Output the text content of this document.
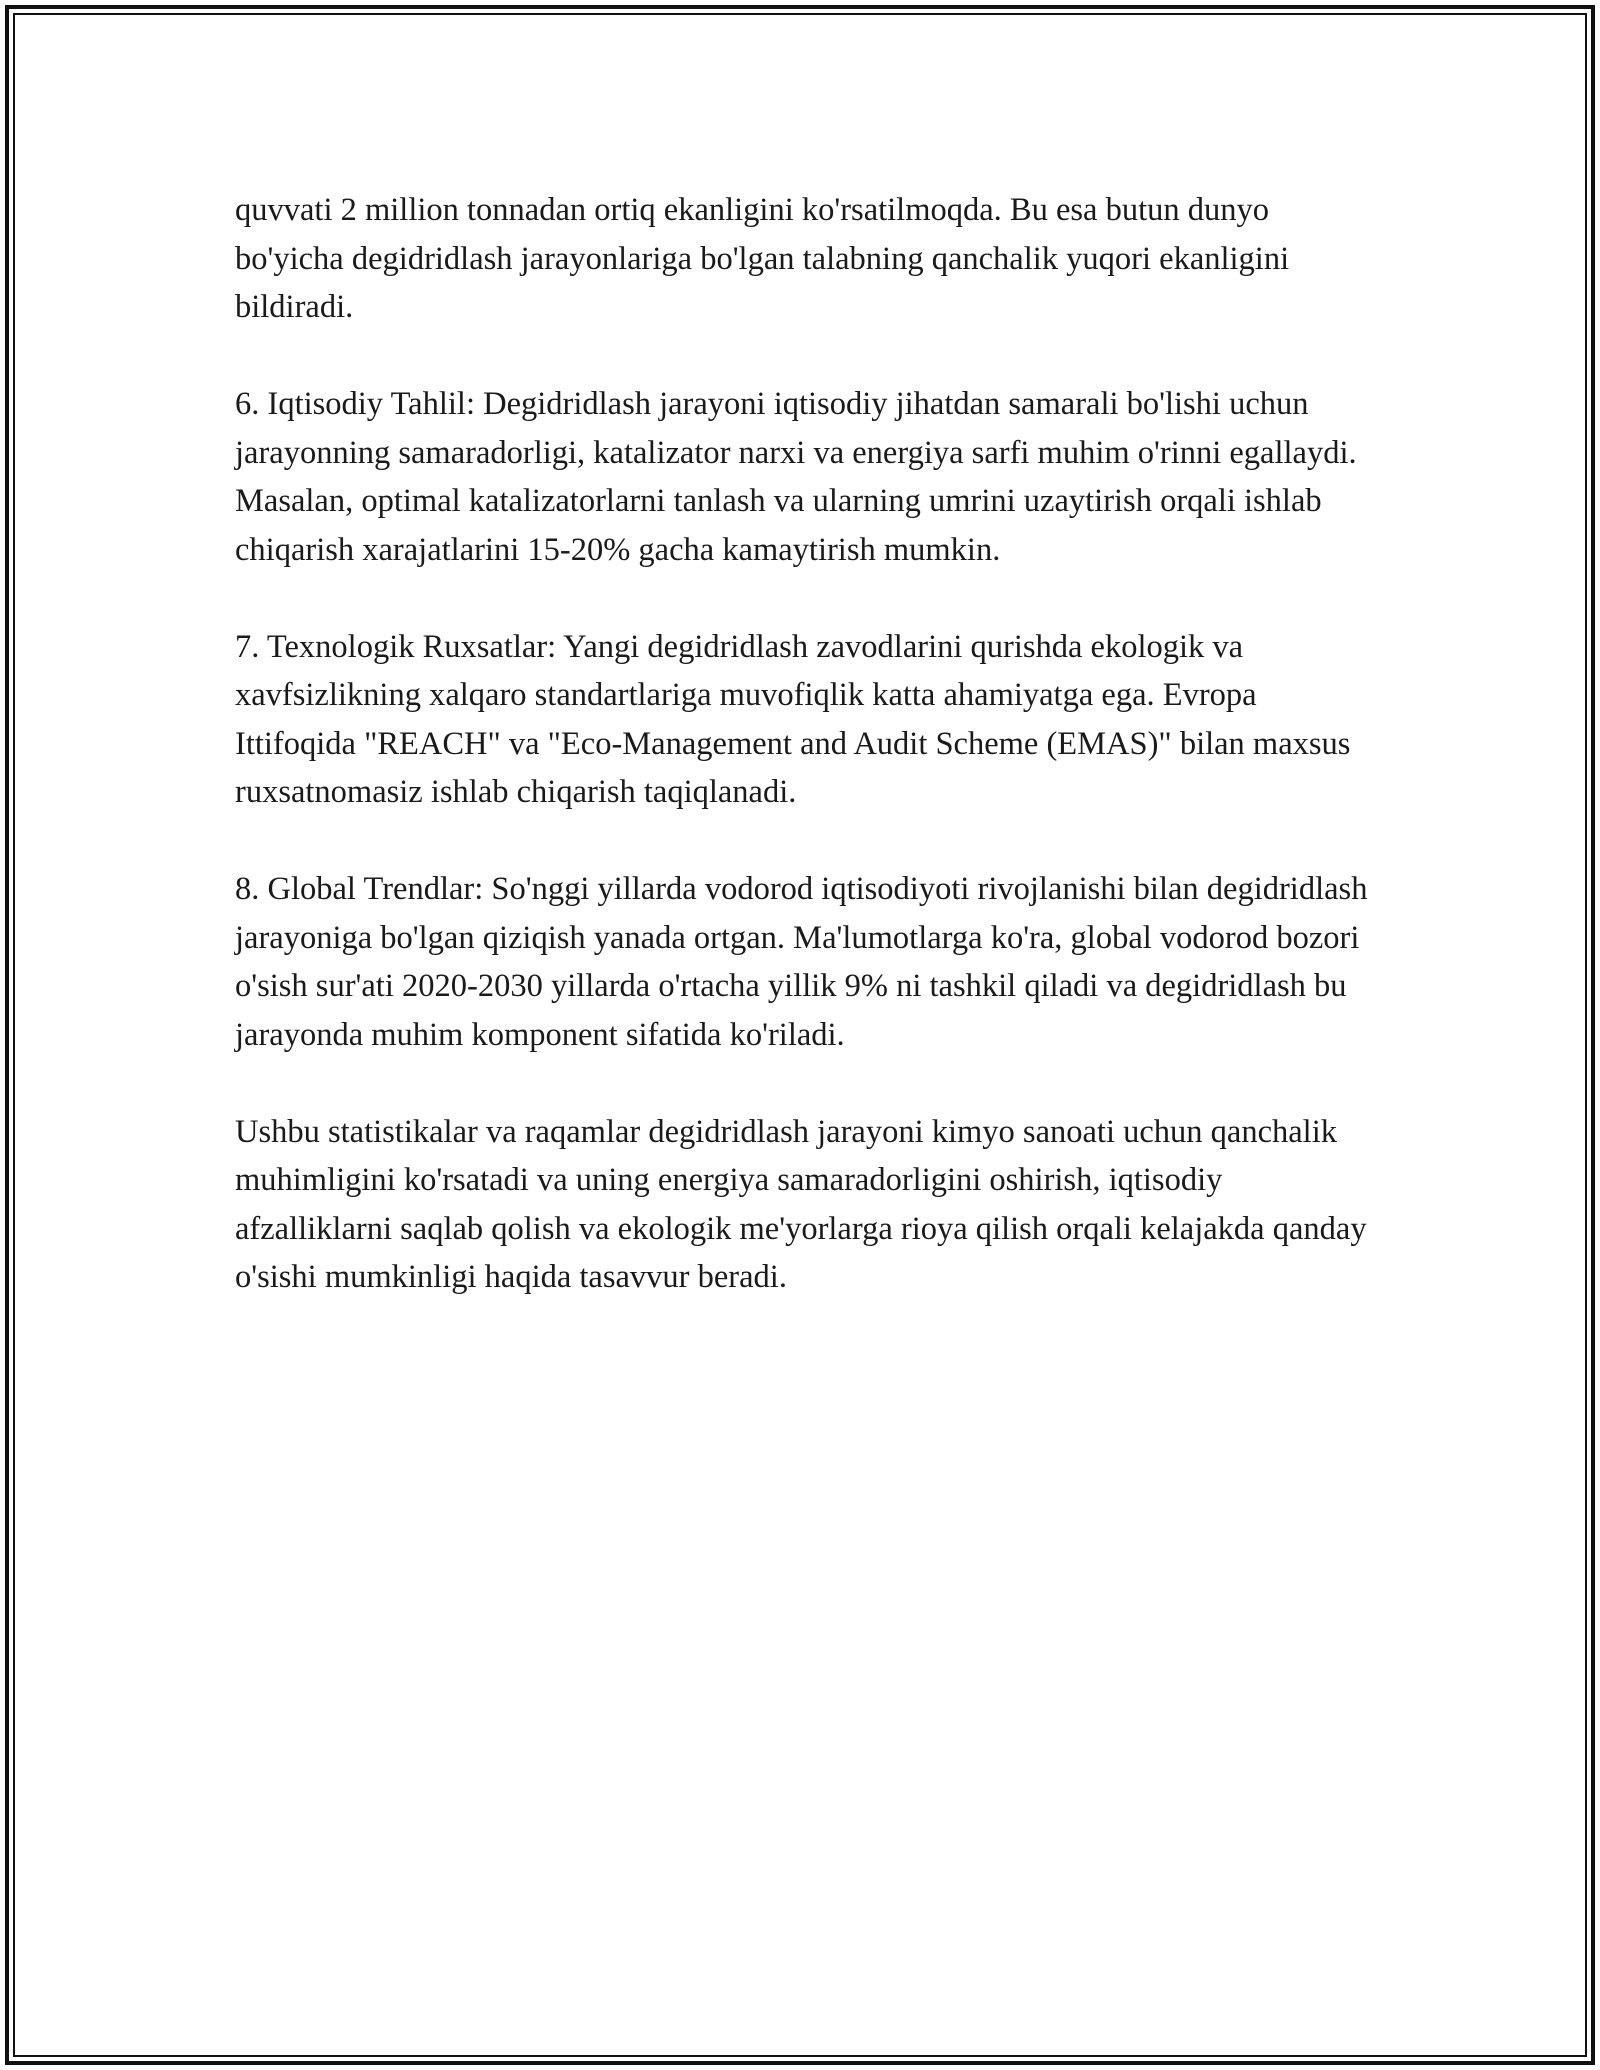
quvvati 2 million tonnadan ortiq ekanligini ko'rsatilmoqda. Bu esa butun dunyo bo'yicha degidridlash jarayonlariga bo'lgan talabning qanchalik yuqori ekanligini bildiradi.

6. Iqtisodiy Tahlil: Degidridlash jarayoni iqtisodiy jihatdan samarali bo'lishi uchun jarayonning samaradorligi, katalizator narxi va energiya sarfi muhim o'rinni egallaydi. Masalan, optimal katalizatorlarni tanlash va ularning umrini uzaytirish orqali ishlab chiqarish xarajatlarini 15-20% gacha kamaytirish mumkin.

7. Texnologik Ruxsatlar: Yangi degidridlash zavodlarini qurishda ekologik va xavfsizlikning xalqaro standartlariga muvofiqlik katta ahamiyatga ega. Evropa Ittifoqida "REACH" va "Eco-Management and Audit Scheme (EMAS)" bilan maxsus ruxsatnomasiz ishlab chiqarish taqiqlanadi.

8. Global Trendlar: So'nggi yillarda vodorod iqtisodiyoti rivojlanishi bilan degidridlash jarayoniga bo'lgan qiziqish yanada ortgan. Ma'lumotlarga ko'ra, global vodorod bozori o'sish sur'ati 2020-2030 yillarda o'rtacha yillik 9% ni tashkil qiladi va degidridlash bu jarayonda muhim komponent sifatida ko'riladi.

Ushbu statistikalar va raqamlar degidridlash jarayoni kimyo sanoati uchun qanchalik muhimligini ko'rsatadi va uning energiya samaradorligini oshirish, iqtisodiy afzalliklarni saqlab qolish va ekologik me'yorlarga rioya qilish orqali kelajakda qanday o'sishi mumkinligi haqida tasavvur beradi.
